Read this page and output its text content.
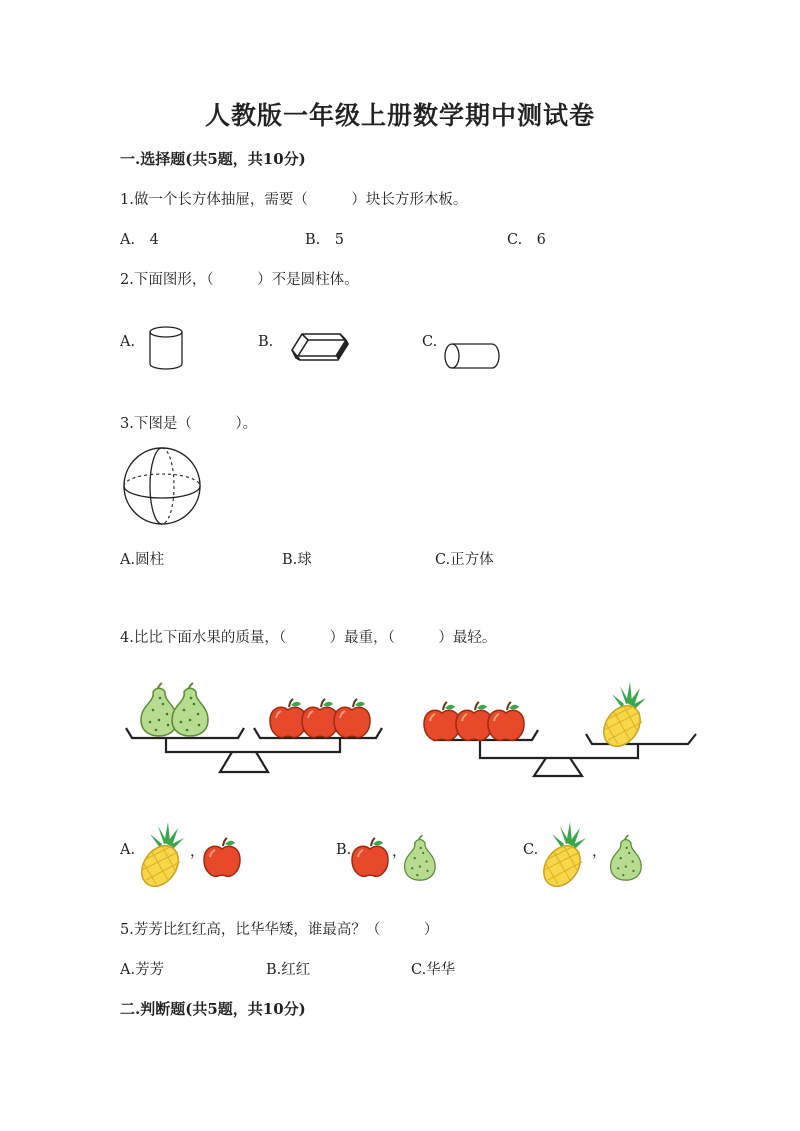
人教版一年级上册数学期中测试卷
一.选择题(共5题，共10分)
1.做一个长方体抽屉，需要（　　　）块长方形木板。
A.　4	B.　5	C.　6
2.下面图形，（　　　）不是圆柱体。
A.	B.	C.
3.下图是（　　　）。
A.圆柱	B.球	C.正方体
4.比比下面水果的质量，（　　　）最重，（　　　）最轻。
A.	，	B.	，	C.	，
5.芳芳比红红高，比华华矮，谁最高？（　　　）
A.芳芳	B.红红	C.华华
二.判断题(共5题，共10分)
